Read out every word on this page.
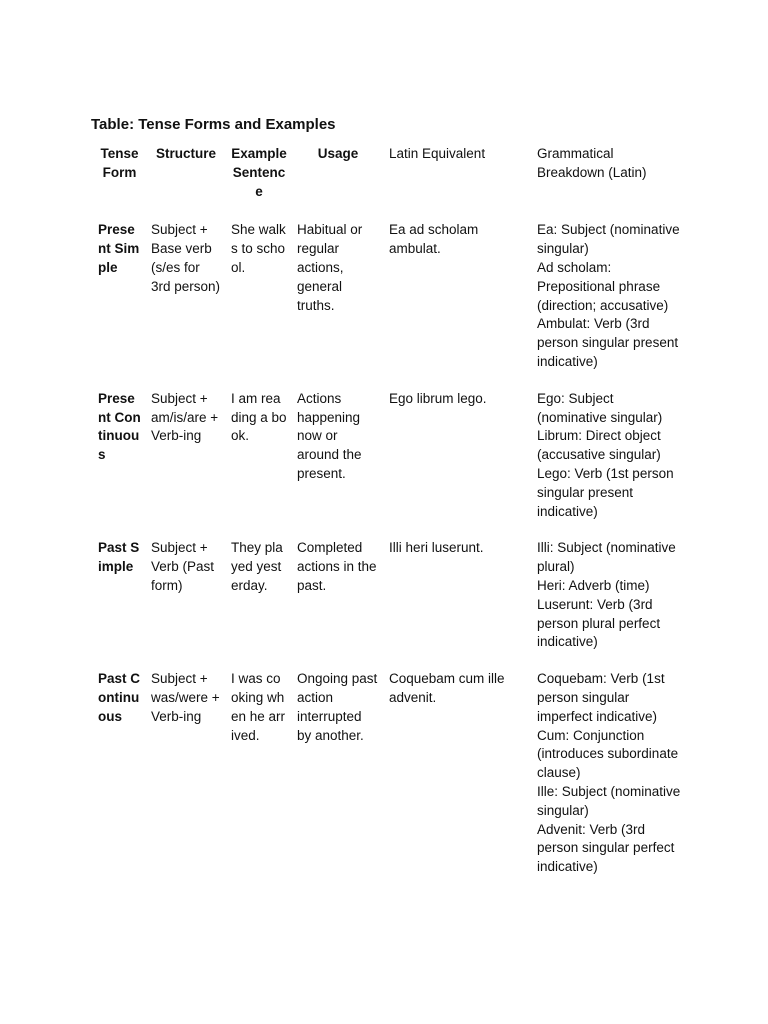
Table: Tense Forms and Examples
Tense Form	Structure	Example Sentence	Usage	Latin Equivalent	Grammatical Breakdown (Latin)

Present Simple	Subject + Base verb (s/es for 3rd person)	She walks to school.	Habitual or regular actions, general truths.	Ea ad scholam ambulat.	Ea: Subject (nominative singular)
Ad scholam: Prepositional phrase (direction; accusative)
Ambulat: Verb (3rd person singular present indicative)

Present Continuous	Subject + am/is/are + Verb-ing	I am reading a book.	Actions happening now or around the present.	Ego librum lego.	Ego: Subject (nominative singular)
Librum: Direct object (accusative singular)
Lego: Verb (1st person singular present indicative)

Past Simple	Subject + Verb (Past form)	They played yesterday.	Completed actions in the past.	Illi heri luserunt.	Illi: Subject (nominative plural)
Heri: Adverb (time)
Luserunt: Verb (3rd person plural perfect indicative)

Past Continuous	Subject + was/were + Verb-ing	I was cooking when he arrived.	Ongoing past action interrupted by another.	Coquebam cum ille advenit.	Coquebam: Verb (1st person singular imperfect indicative)
Cum: Conjunction (introduces subordinate clause)
Ille: Subject (nominative singular)
Advenit: Verb (3rd person singular perfect indicative)
